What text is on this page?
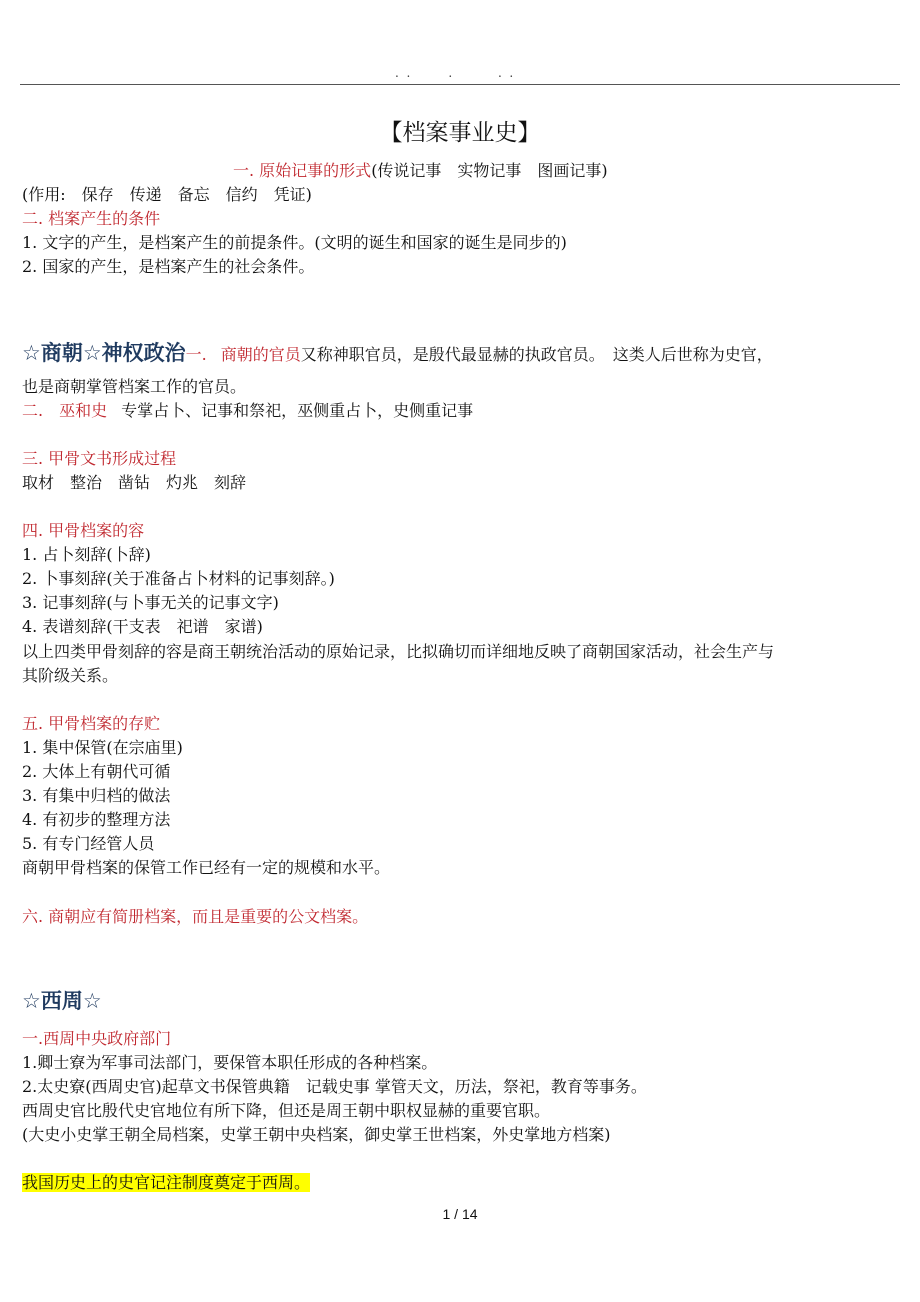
.  .          .            .  .
【档案事业史】
一. 原始记事的形式(传说记事　实物记事　图画记事)
(作用:　保存　传递　备忘　信约　凭证)
二. 档案产生的条件
1. 文字的产生，是档案产生的前提条件。(文明的诞生和国家的诞生是同步的)
2. 国家的产生，是档案产生的社会条件。
☆商朝☆神权政治一. 商朝的官员又称神职官员，是殷代最显赫的执政官员。　这类人后世称为史官，
也是商朝掌管档案工作的官员。
二.　巫和史 专掌占卜、记事和祭祀，巫侧重占卜，史侧重记事
三. 甲骨文书形成过程
取材　整治　凿钻　灼兆　刻辞
四. 甲骨档案的容
1. 占卜刻辞(卜辞)
2. 卜事刻辞(关于准备占卜材料的记事刻辞。)
3. 记事刻辞(与卜事无关的记事文字)
4. 表谱刻辞(干支表　祀谱　家谱)
以上四类甲骨刻辞的容是商王朝统治活动的原始记录，比拟确切而详细地反映了商朝国家活动，社会生产与
其阶级关系。
五. 甲骨档案的存贮
1. 集中保管(在宗庙里)
2. 大体上有朝代可循
3. 有集中归档的做法
4. 有初步的整理方法
5. 有专门经管人员
商朝甲骨档案的保管工作已经有一定的规模和水平。
六. 商朝应有简册档案，而且是重要的公文档案。
☆西周☆
一.西周中央政府部门
1.卿士寮为军事司法部门，要保管本职任形成的各种档案。
2.太史寮(西周史官)起草文书保管典籍　记载史事 掌管天文，历法，祭祀，教育等事务。
西周史官比殷代史官地位有所下降，但还是周王朝中职权显赫的重要官职。
(大史小史掌王朝全局档案，史掌王朝中央档案，御史掌王世档案，外史掌地方档案)
我国历史上的史官记注制度奠定于西周。
1 / 14
